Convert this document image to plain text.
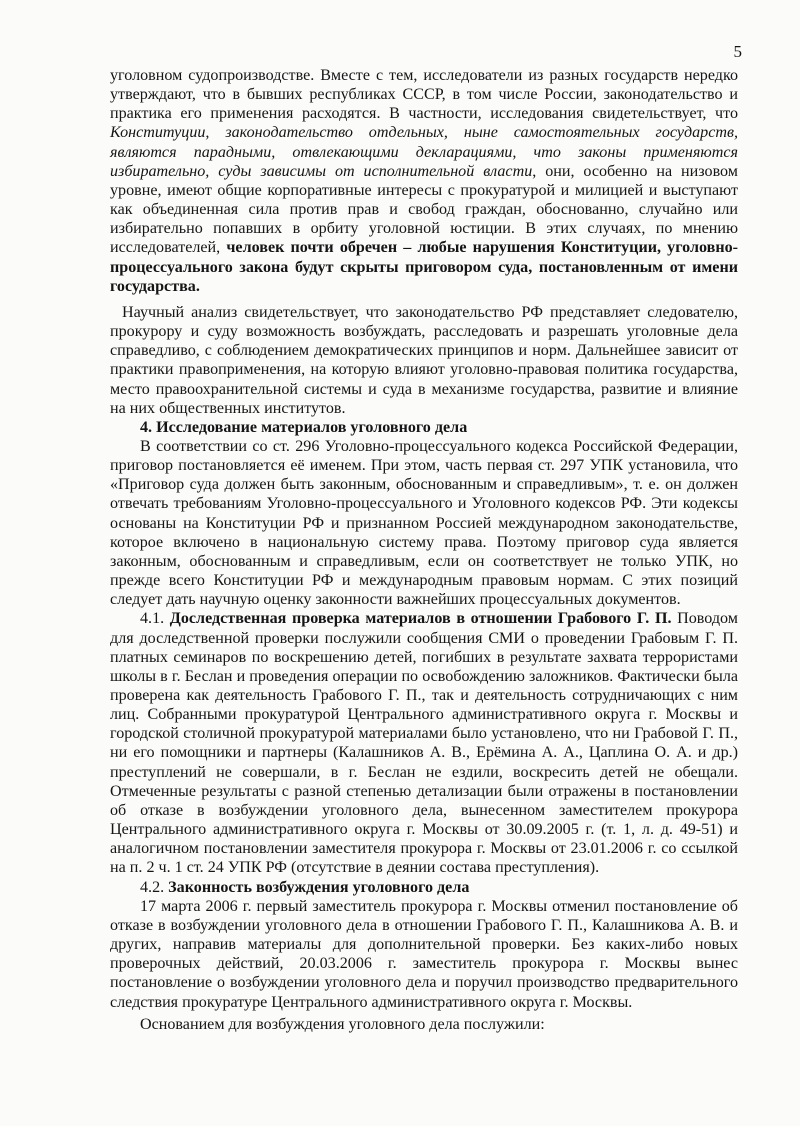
5

уголовном судопроизводстве. Вместе с тем, исследователи из разных государств нередко утверждают, что в бывших республиках СССР, в том числе России, законодательство и практика его применения расходятся. В частности, исследования свидетельствует, что Конституции, законодательство отдельных, ныне самостоятельных государств, являются парадными, отвлекающими декларациями, что законы применяются избирательно, суды зависимы от исполнительной власти, они, особенно на низовом уровне, имеют общие корпоративные интересы с прокуратурой и милицией и выступают как объединенная сила против прав и свобод граждан, обоснованно, случайно или избирательно попавших в орбиту уголовной юстиции. В этих случаях, по мнению исследователей, человек почти обречен – любые нарушения Конституции, уголовно-процессуального закона будут скрыты приговором суда, постановленным от имени государства.

Научный анализ свидетельствует, что законодательство РФ представляет следователю, прокурору и суду возможность возбуждать, расследовать и разрешать уголовные дела справедливо, с соблюдением демократических принципов и норм. Дальнейшее зависит от практики правоприменения, на которую влияют уголовно-правовая политика государства, место правоохранительной системы и суда в механизме государства, развитие и влияние на них общественных институтов.

4. Исследование материалов уголовного дела

В соответствии со ст. 296 Уголовно-процессуального кодекса Российской Федерации, приговор постановляется её именем. При этом, часть первая ст. 297 УПК установила, что «Приговор суда должен быть законным, обоснованным и справедливым», т. е. он должен отвечать требованиям Уголовно-процессуального и Уголовного кодексов РФ. Эти кодексы основаны на Конституции РФ и признанном Россией международном законодательстве, которое включено в национальную систему права. Поэтому приговор суда является законным, обоснованным и справедливым, если он соответствует не только УПК, но прежде всего Конституции РФ и международным правовым нормам. С этих позиций следует дать научную оценку законности важнейших процессуальных документов.

4.1. Доследственная проверка материалов в отношении Грабового Г. П. Поводом для доследственной проверки послужили сообщения СМИ о проведении Грабовым Г. П. платных семинаров по воскрешению детей, погибших в результате захвата террористами школы в г. Беслан и проведения операции по освобождению заложников. Фактически была проверена как деятельность Грабового Г. П., так и деятельность сотрудничающих с ним лиц. Собранными прокуратурой Центрального административного округа г. Москвы и городской столичной прокуратурой материалами было установлено, что ни Грабовой Г. П., ни его помощники и партнеры (Калашников А. В., Ерёмина А. А., Цаплина О. А. и др.) преступлений не совершали, в г. Беслан не ездили, воскресить детей не обещали. Отмеченные результаты с разной степенью детализации были отражены в постановлении об отказе в возбуждении уголовного дела, вынесенном заместителем прокурора Центрального административного округа г. Москвы от 30.09.2005 г. (т. 1, л. д. 49-51) и аналогичном постановлении заместителя прокурора г. Москвы от 23.01.2006 г. со ссылкой на п. 2 ч. 1 ст. 24 УПК РФ (отсутствие в деянии состава преступления).

4.2. Законность возбуждения уголовного дела

17 марта 2006 г. первый заместитель прокурора г. Москвы отменил постановление об отказе в возбуждении уголовного дела в отношении Грабового Г. П., Калашникова А. В. и других, направив материалы для дополнительной проверки. Без каких-либо новых проверочных действий, 20.03.2006 г. заместитель прокурора г. Москвы вынес постановление о возбуждении уголовного дела и поручил производство предварительного следствия прокуратуре Центрального административного округа г. Москвы.

Основанием для возбуждения уголовного дела послужили:
